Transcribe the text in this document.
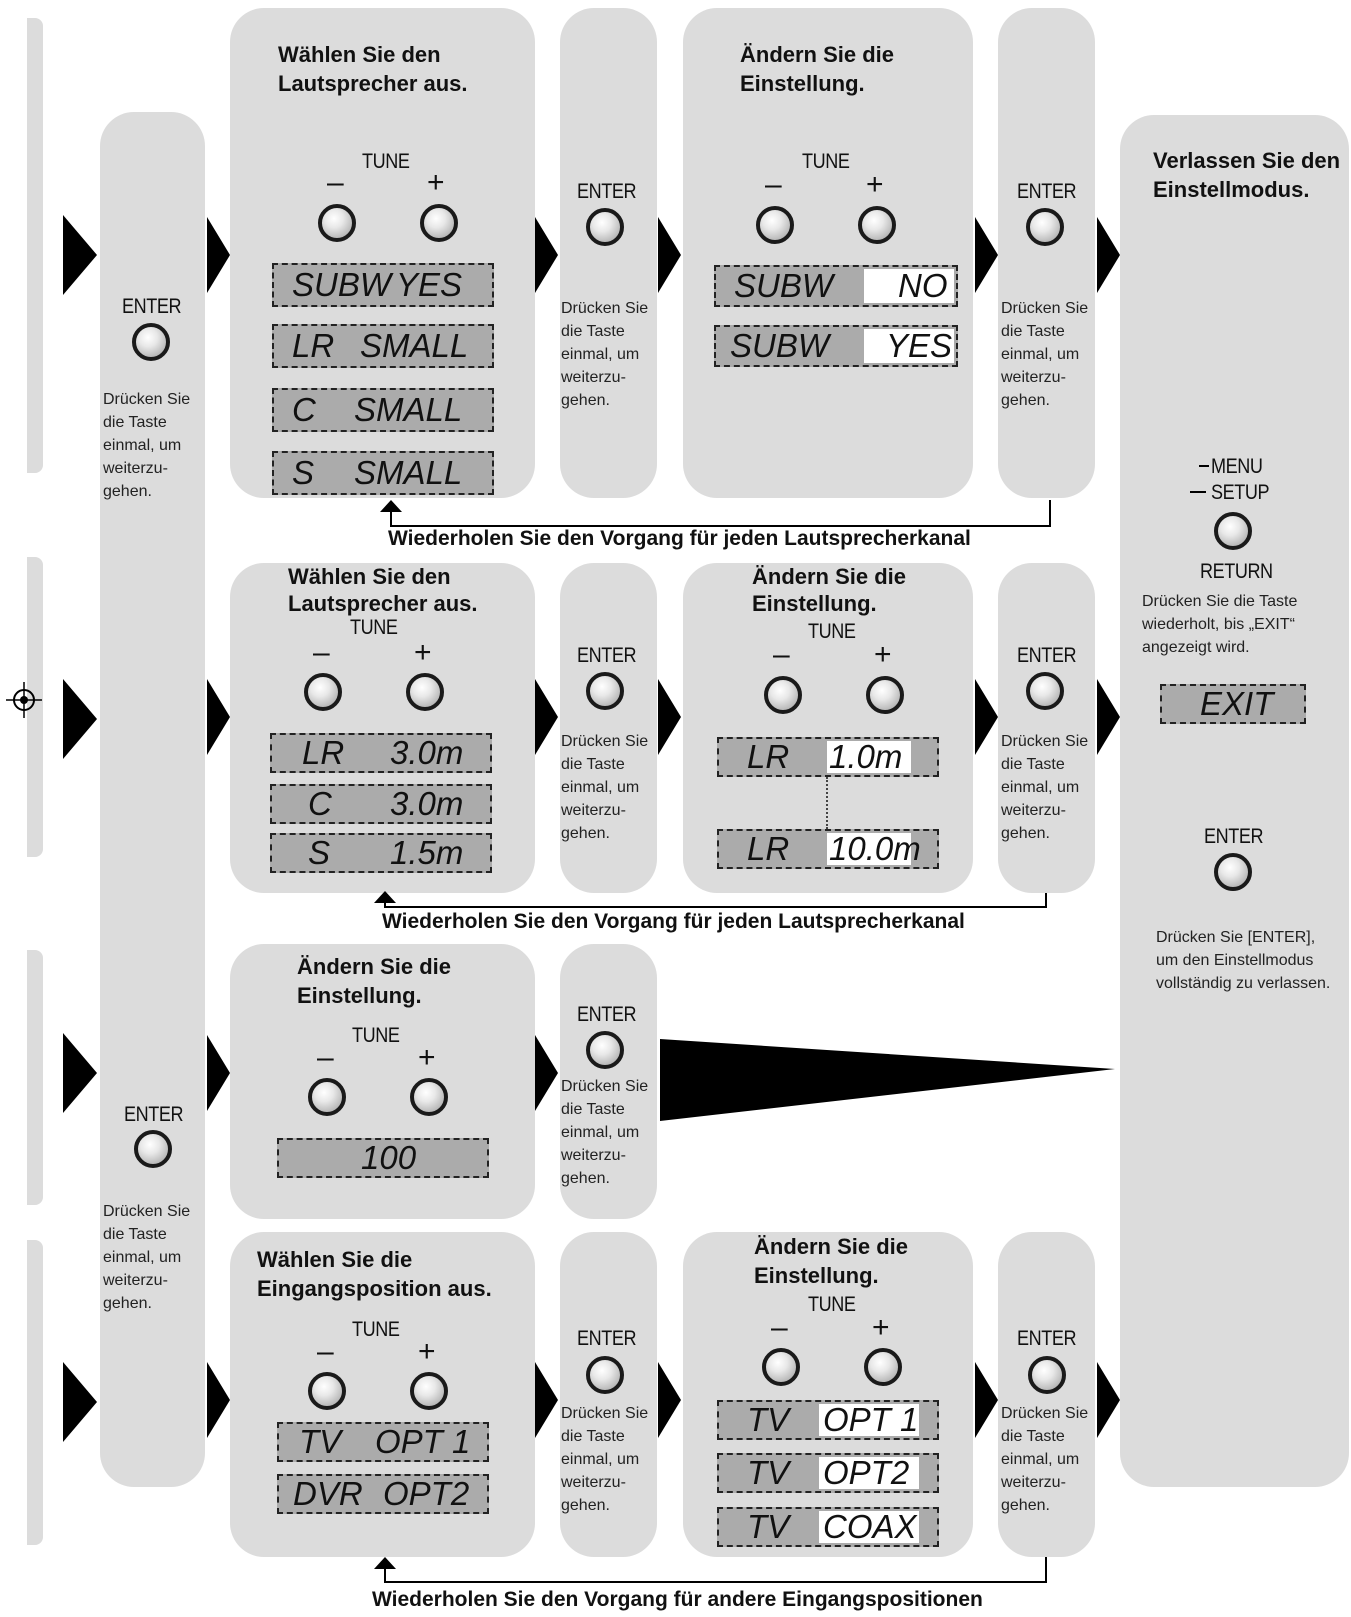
ENTER
Drücken Sie die Taste einmal, um weiterzu- gehen.
ENTER
Drücken Sie die Taste einmal, um weiterzu- gehen.
Wählen Sie den Lautsprecher aus.
TUNE
–	+
SUBW YES
LR SMALL
C SMALL
S SMALL
ENTER
Drücken Sie die Taste einmal, um weiterzu- gehen.
Ändern Sie die Einstellung.
TUNE
–	+
SUBW NO
SUBW YES
ENTER
Drücken Sie die Taste einmal, um weiterzu- gehen.
Wiederholen Sie den Vorgang für jeden Lautsprecherkanal
Wählen Sie den Lautsprecher aus.
TUNE
–	+
LR 3.0m
C 3.0m
S 1.5m
ENTER
Drücken Sie die Taste einmal, um weiterzu- gehen.
Ändern Sie die Einstellung.
TUNE
–	+
LR 1.0m
LR 10.0m
ENTER
Drücken Sie die Taste einmal, um weiterzu- gehen.
Wiederholen Sie den Vorgang für jeden Lautsprecherkanal
Ändern Sie die Einstellung.
TUNE
–	+
100
ENTER
Drücken Sie die Taste einmal, um weiterzu- gehen.
Wählen Sie die Eingangsposition aus.
TUNE
–	+
TV OPT 1
DVR OPT2
ENTER
Drücken Sie die Taste einmal, um weiterzu- gehen.
Ändern Sie die Einstellung.
TUNE
–	+
TV OPT 1
TV OPT2
TV COAX
ENTER
Drücken Sie die Taste einmal, um weiterzu- gehen.
Wiederholen Sie den Vorgang für andere Eingangspositionen
Verlassen Sie den Einstellmodus.
MENU
SETUP
RETURN
Drücken Sie die Taste wiederholt, bis „EXIT“ angezeigt wird.
EXIT
ENTER
Drücken Sie [ENTER], um den Einstellmodus vollständig zu verlassen.
